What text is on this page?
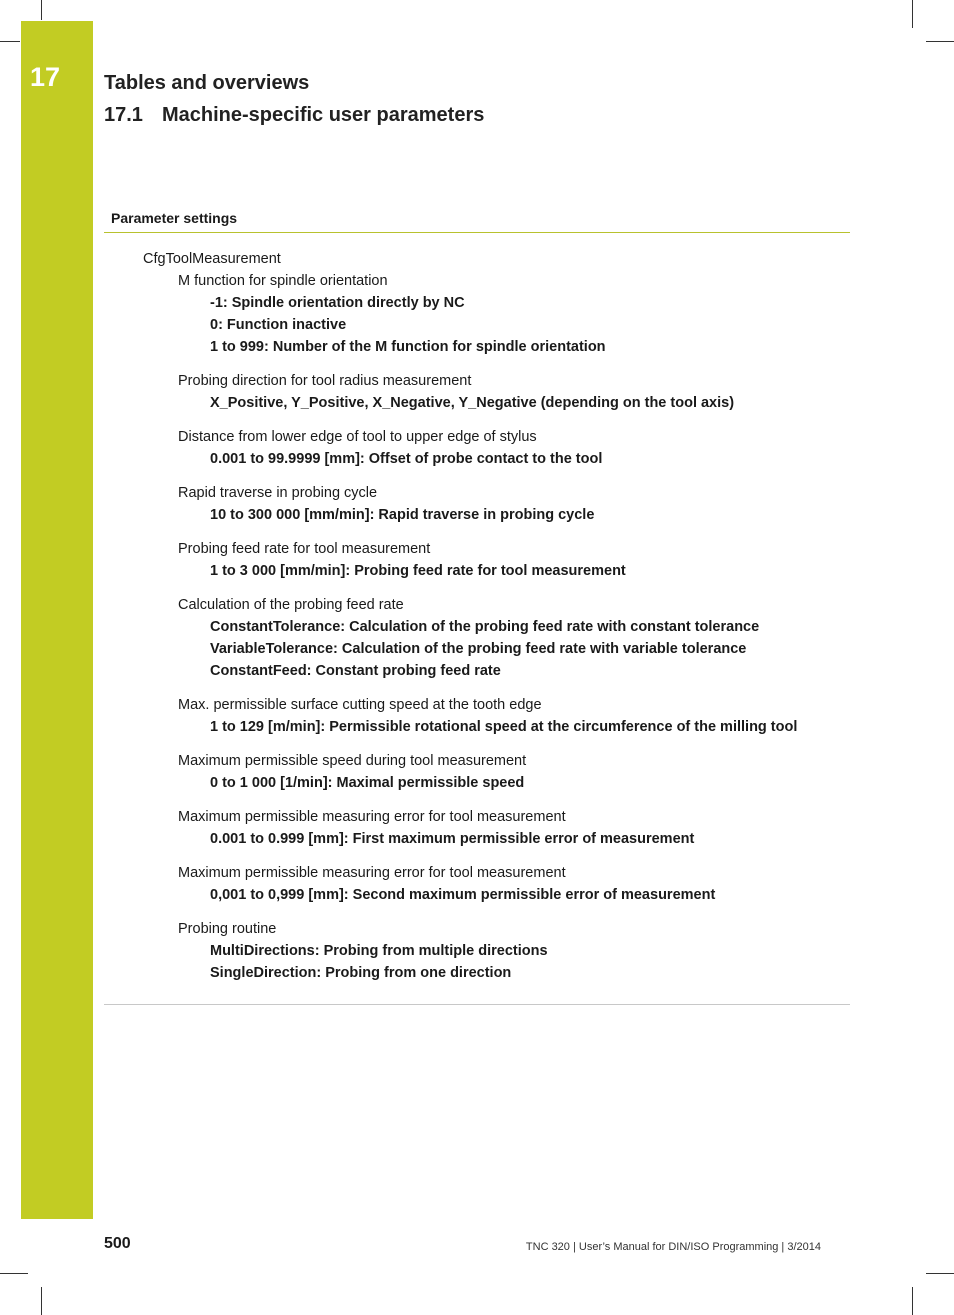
17	Tables and overviews
17.1 Machine-specific user parameters
Parameter settings
CfgToolMeasurement
M function for spindle orientation
-1: Spindle orientation directly by NC
0: Function inactive
1 to 999: Number of the M function for spindle orientation
Probing direction for tool radius measurement
X_Positive, Y_Positive, X_Negative, Y_Negative (depending on the tool axis)
Distance from lower edge of tool to upper edge of stylus
0.001 to 99.9999 [mm]: Offset of probe contact to the tool
Rapid traverse in probing cycle
10 to 300 000 [mm/min]: Rapid traverse in probing cycle
Probing feed rate for tool measurement
1 to 3 000 [mm/min]: Probing feed rate for tool measurement
Calculation of the probing feed rate
ConstantTolerance: Calculation of the probing feed rate with constant tolerance
VariableTolerance: Calculation of the probing feed rate with variable tolerance
ConstantFeed: Constant probing feed rate
Max. permissible surface cutting speed at the tooth edge
1 to 129 [m/min]: Permissible rotational speed at the circumference of the milling tool
Maximum permissible speed during tool measurement
0 to 1 000 [1/min]: Maximal permissible speed
Maximum permissible measuring error for tool measurement
0.001 to 0.999 [mm]: First maximum permissible error of measurement
Maximum permissible measuring error for tool measurement
0,001 to 0,999 [mm]: Second maximum permissible error of measurement
Probing routine
MultiDirections: Probing from multiple directions
SingleDirection: Probing from one direction
500	TNC 320 | User’s Manual for DIN/ISO Programming | 3/2014
